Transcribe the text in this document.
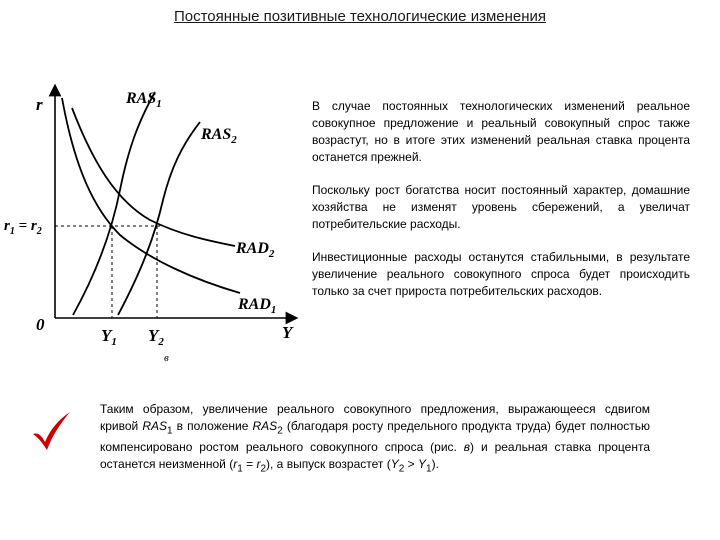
Постоянные позитивные технологические изменения
r
Y
0
$r_1 = r_2$
$Y_1$ $Y_2$
$RAS_1$
$RAS_2$
$RAD_2$
$RAD_1$
в

В случае постоянных технологических изменений реальное совокупное предложение и реальный совокупный спрос также возрастут, но в итоге этих изменений реальная ставка процента останется прежней.

Поскольку рост богатства носит постоянный характер, домашние хозяйства не изменят уровень сбережений, а увеличат потребительские расходы.

Инвестиционные расходы останутся стабильными, в результате увеличение реального совокупного спроса будет происходить только за счет прироста потребительских расходов.

Таким образом, увеличение реального совокупного предложения, выражающееся сдвигом кривой $RAS_1$ в положение $RAS_2$ (благодаря росту предельного продукта труда) будет полностью компенсировано ростом реального совокупного спроса (рис. в) и реальная ставка процента останется неизменной $(r_1 = r_2)$, а выпуск возрастет $(Y_2 > Y_1)$.
